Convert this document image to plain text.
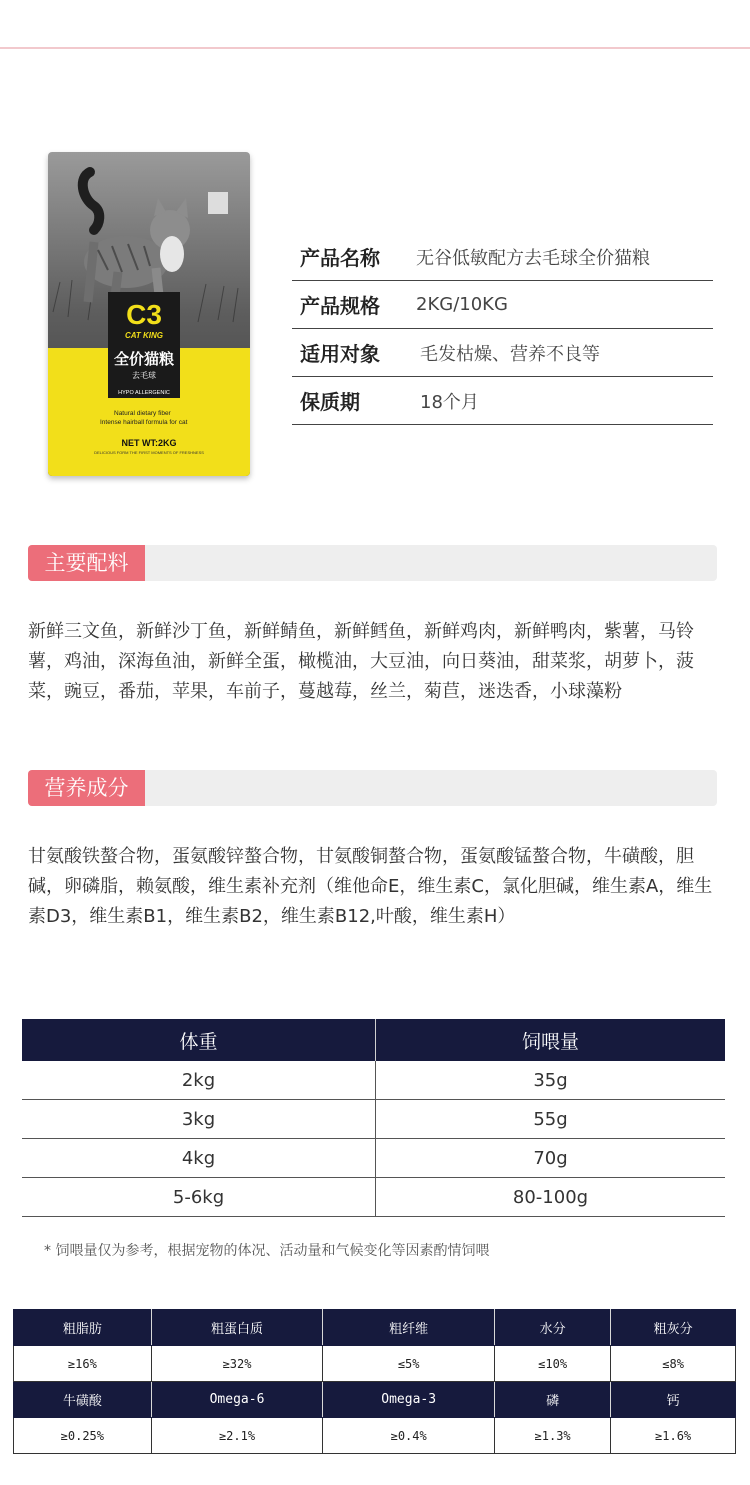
C3
CAT KING
全价猫粮
去毛球
HYPO ALLERGENIC
Natural dietary fiber
Intense hairball formula for cat
NET WT:2KG
DELICIOUS FORM THE FIRST MOMENTS OF FRESHNESS
产品名称	无谷低敏配方去毛球全价猫粮
产品规格	2KG/10KG
适用对象	毛发枯燥、营养不良等
保质期	18个月
主要配料
新鲜三文鱼，新鲜沙丁鱼，新鲜鲭鱼，新鲜鳕鱼，新鲜鸡肉，新鲜鸭肉，紫薯，马铃薯，鸡油，深海鱼油，新鲜全蛋，橄榄油，大豆油，向日葵油，甜菜浆，胡萝卜，菠菜，豌豆，番茄，苹果，车前子，蔓越莓，丝兰，菊苣，迷迭香，小球藻粉
营养成分
甘氨酸铁螯合物，蛋氨酸锌螯合物，甘氨酸铜螯合物，蛋氨酸锰螯合物，牛磺酸，胆碱，卵磷脂，赖氨酸，维生素补充剂（维他命E，维生素C，氯化胆碱，维生素A，维生素D3，维生素B1，维生素B2，维生素B12,叶酸，维生素H）
体重	饲喂量
2kg	35g
3kg	55g
4kg	70g
5-6kg	80-100g
* 饲喂量仅为参考，根据宠物的体况、活动量和气候变化等因素酌情饲喂
粗脂肪	粗蛋白质	粗纤维	水分	粗灰分
≥16%	≥32%	≤5%	≤10%	≤8%
牛磺酸	Omega-6	Omega-3	磷	钙
≥0.25%	≥2.1%	≥0.4%	≥1.3%	≥1.6%
